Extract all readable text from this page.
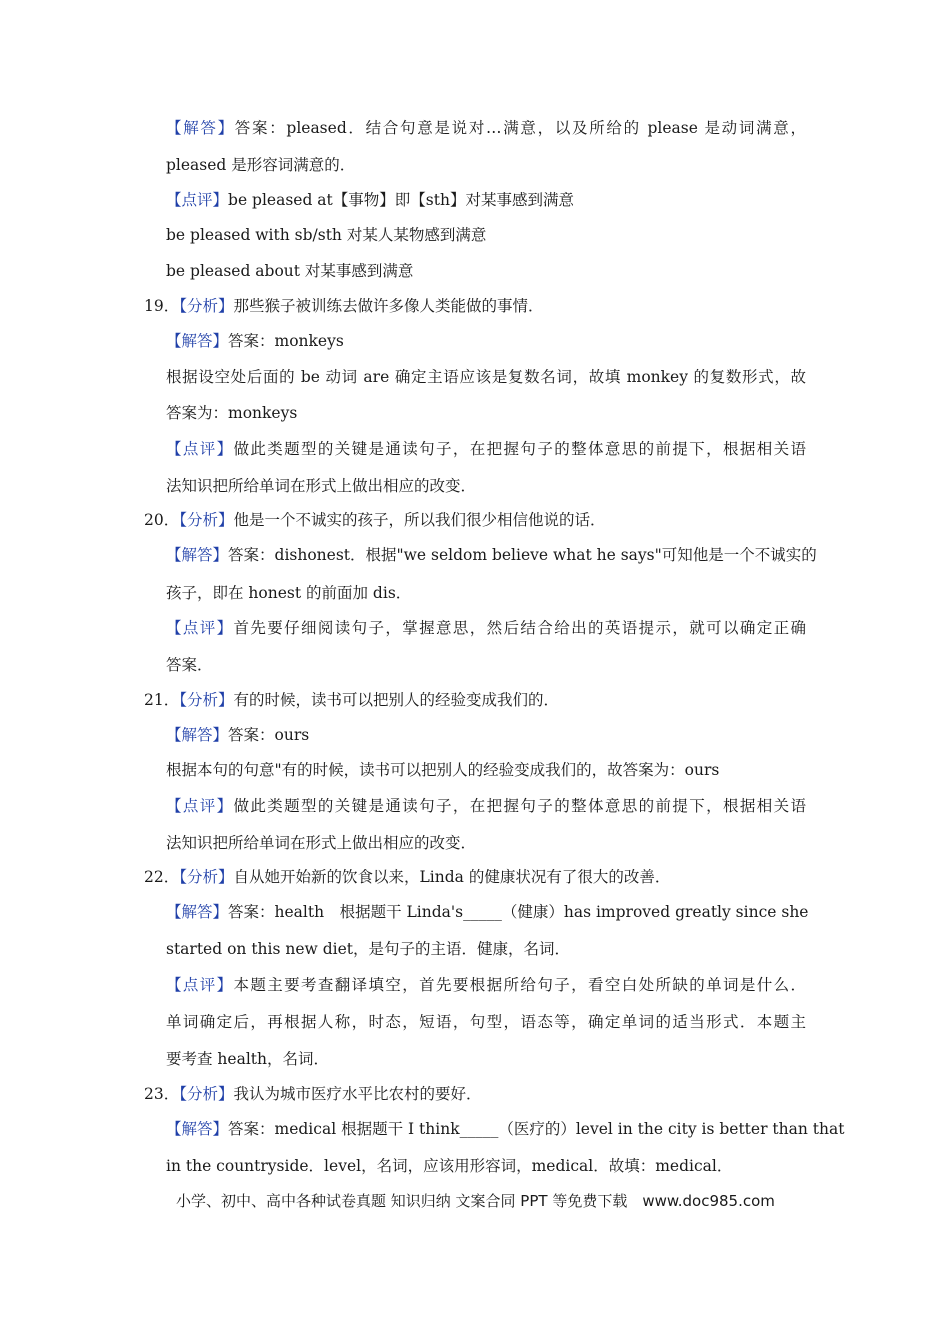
【解答】答案：pleased．结合句意是说对…满意，以及所给的 please 是动词满意，
pleased 是形容词满意的．
【点评】be pleased at【事物】即【sth】对某事感到满意
be pleased with sb/sth 对某人某物感到满意
be pleased about 对某事感到满意
19．【分析】那些猴子被训练去做许多像人类能做的事情．
【解答】答案：monkeys
根据设空处后面的 be 动词 are 确定主语应该是复数名词，故填 monkey 的复数形式，故
答案为：monkeys
【点评】做此类题型的关键是通读句子，在把握句子的整体意思的前提下，根据相关语
法知识把所给单词在形式上做出相应的改变．
20．【分析】他是一个不诚实的孩子，所以我们很少相信他说的话．
【解答】答案：dishonest．根据"we seldom believe what he says"可知他是一个不诚实的
孩子，即在 honest 的前面加 dis．
【点评】首先要仔细阅读句子，掌握意思，然后结合给出的英语提示，就可以确定正确
答案．
21．【分析】有的时候，读书可以把别人的经验变成我们的．
【解答】答案：ours
根据本句的句意"有的时候，读书可以把别人的经验变成我们的，故答案为：ours
【点评】做此类题型的关键是通读句子，在把握句子的整体意思的前提下，根据相关语
法知识把所给单词在形式上做出相应的改变．
22．【分析】自从她开始新的饮食以来，Linda 的健康状况有了很大的改善．
【解答】答案：health　根据题干 Linda's_____（健康）has improved greatly since she
started on this new diet，是句子的主语．健康，名词．
【点评】本题主要考查翻译填空，首先要根据所给句子，看空白处所缺的单词是什么．
单词确定后，再根据人称，时态，短语，句型，语态等，确定单词的适当形式．本题主
要考查 health，名词．
23．【分析】我认为城市医疗水平比农村的要好．
【解答】答案：medical 根据题干 I think_____（医疗的）level in the city is better than that
in the countryside．level，名词，应该用形容词，medical．故填：medical．
小学、初中、高中各种试卷真题 知识归纳 文案合同 PPT 等免费下载　www.doc985.com
